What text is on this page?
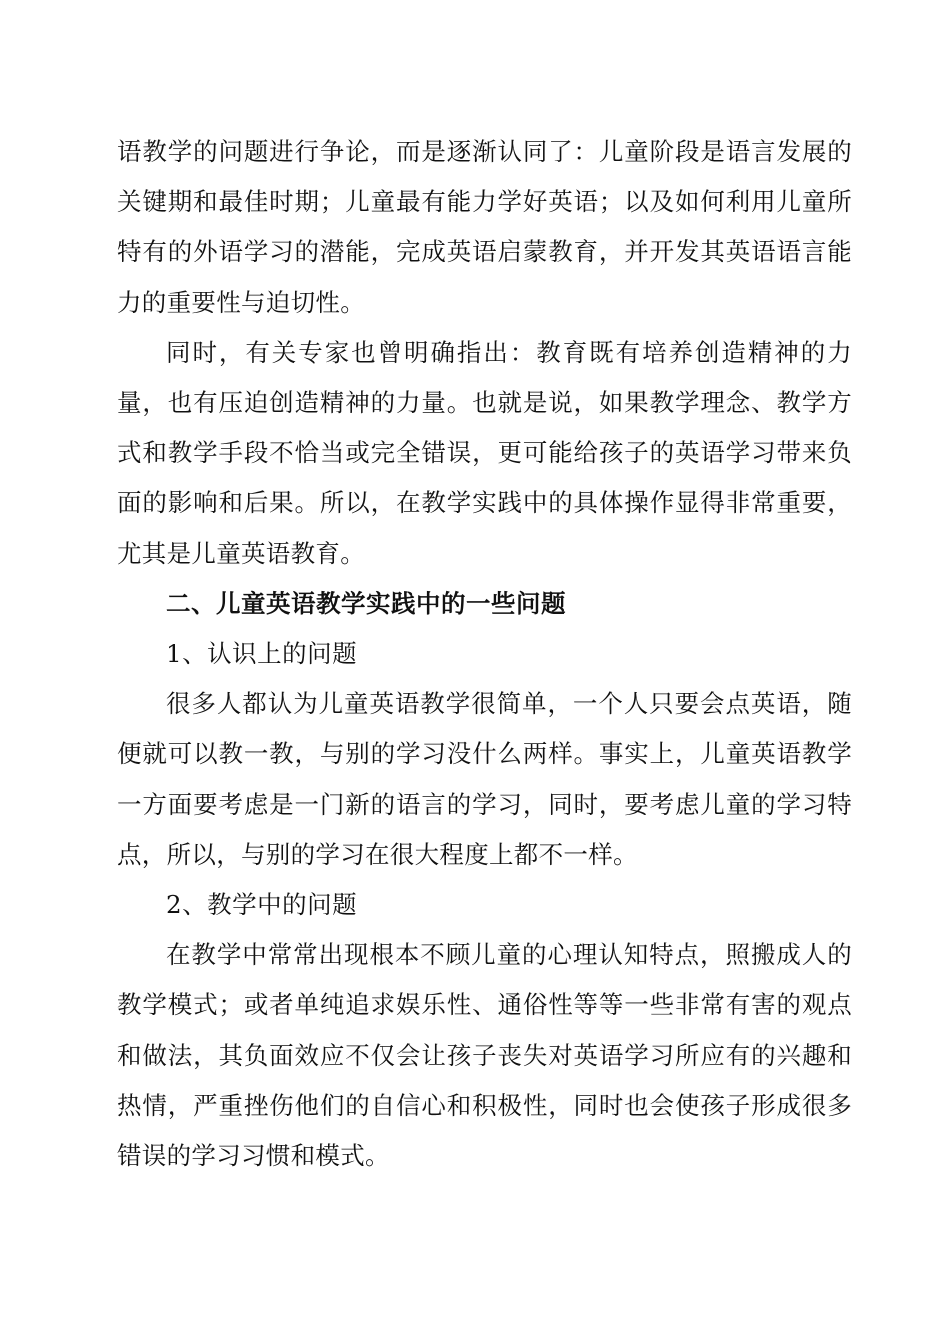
语教学的问题进行争论，而是逐渐认同了：儿童阶段是语言发展的关键期和最佳时期；儿童最有能力学好英语；以及如何利用儿童所特有的外语学习的潜能，完成英语启蒙教育，并开发其英语语言能力的重要性与迫切性。

同时，有关专家也曾明确指出：教育既有培养创造精神的力量，也有压迫创造精神的力量。也就是说，如果教学理念、教学方式和教学手段不恰当或完全错误，更可能给孩子的英语学习带来负面的影响和后果。所以，在教学实践中的具体操作显得非常重要，尤其是儿童英语教育。

二、儿童英语教学实践中的一些问题

1、认识上的问题

很多人都认为儿童英语教学很简单，一个人只要会点英语，随便就可以教一教，与别的学习没什么两样。事实上，儿童英语教学一方面要考虑是一门新的语言的学习，同时，要考虑儿童的学习特点，所以，与别的学习在很大程度上都不一样。

2、教学中的问题

在教学中常常出现根本不顾儿童的心理认知特点，照搬成人的教学模式；或者单纯追求娱乐性、通俗性等等一些非常有害的观点和做法，其负面效应不仅会让孩子丧失对英语学习所应有的兴趣和热情，严重挫伤他们的自信心和积极性，同时也会使孩子形成很多错误的学习习惯和模式。
